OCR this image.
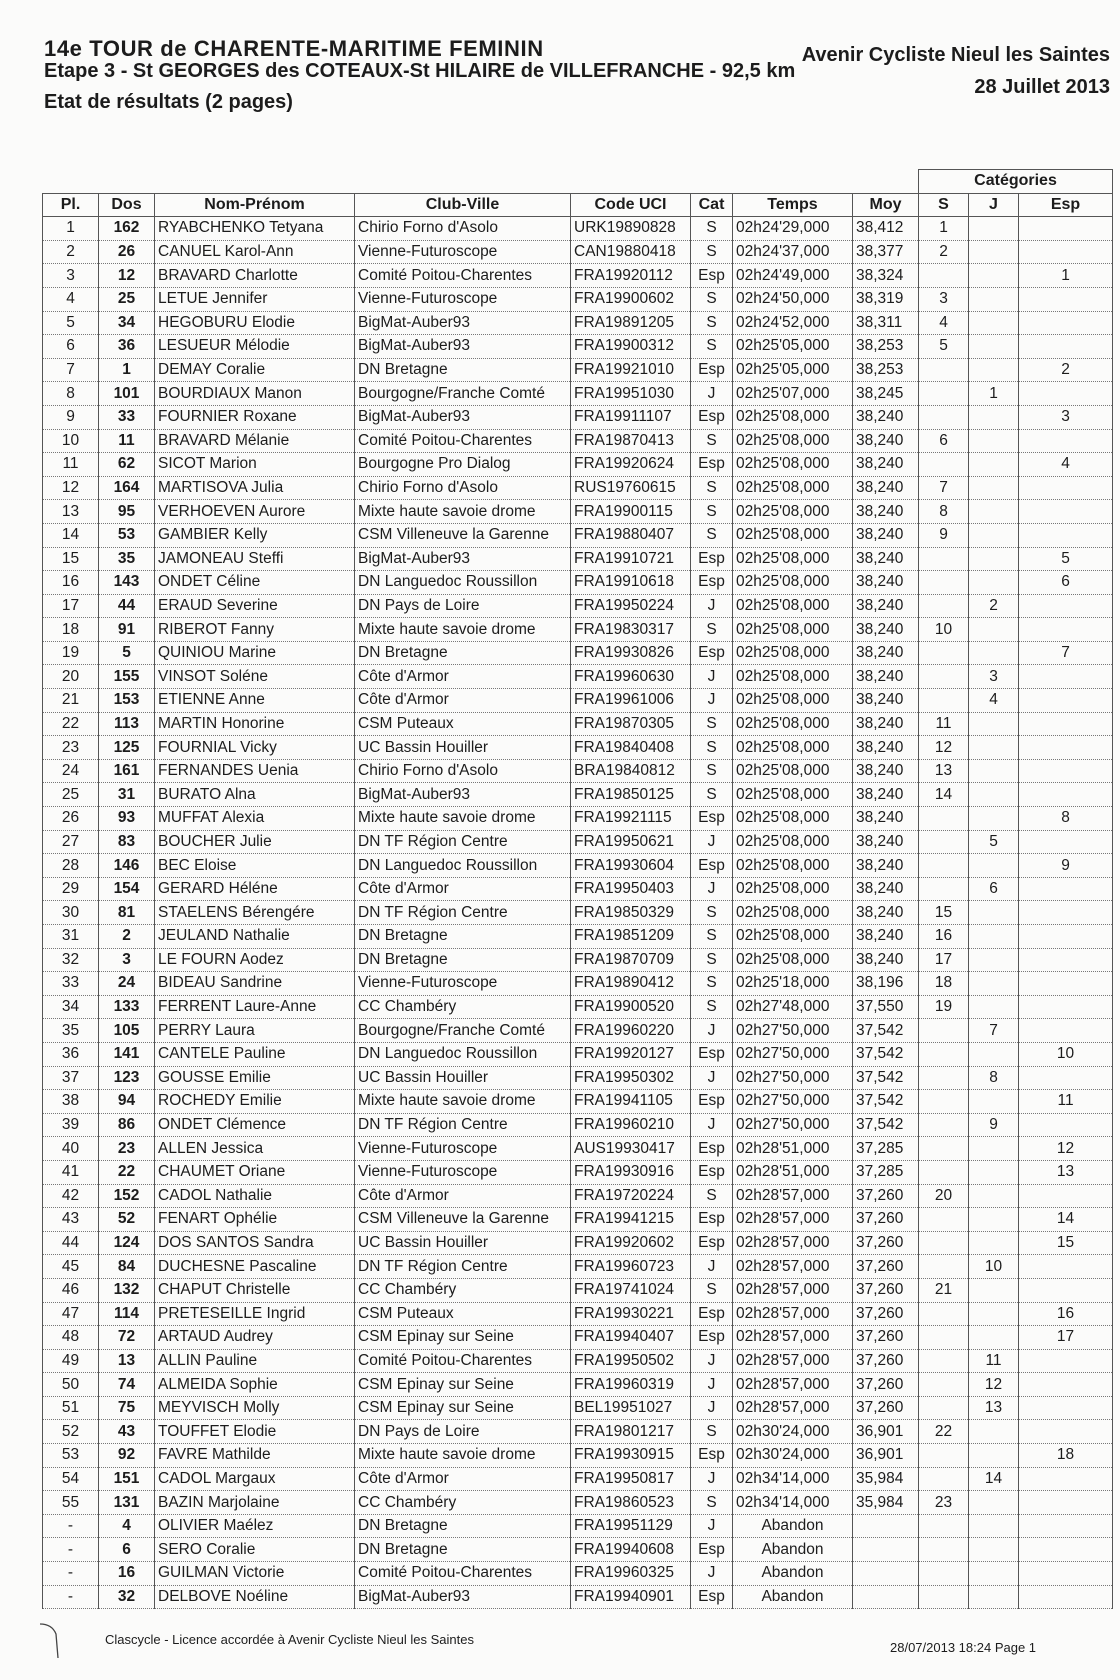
14e TOUR de CHARENTE-MARITIME FEMININ	Avenir Cycliste Nieul les Saintes
Etape 3 - St GEORGES des COTEAUX-St HILAIRE de VILLEFRANCHE - 92,5 km
28 Juillet 2013
Etat de résultats (2 pages)
								Catégories		
Pl.	Dos	Nom-Prénom	Club-Ville	Code UCI	Cat	Temps	Moy	S	J	Esp
1	162	RYABCHENKO Tetyana	Chirio Forno d'Asolo	URK19890828	S	02h24'29,000	38,412	1		
2	26	CANUEL Karol-Ann	Vienne-Futuroscope	CAN19880418	S	02h24'37,000	38,377	2		
3	12	BRAVARD Charlotte	Comité Poitou-Charentes	FRA19920112	Esp	02h24'49,000	38,324			1
4	25	LETUE Jennifer	Vienne-Futuroscope	FRA19900602	S	02h24'50,000	38,319	3		
5	34	HEGOBURU Elodie	BigMat-Auber93	FRA19891205	S	02h24'52,000	38,311	4		
6	36	LESUEUR Mélodie	BigMat-Auber93	FRA19900312	S	02h25'05,000	38,253	5		
7	1	DEMAY Coralie	DN Bretagne	FRA19921010	Esp	02h25'05,000	38,253			2
8	101	BOURDIAUX Manon	Bourgogne/Franche Comté	FRA19951030	J	02h25'07,000	38,245		1	
9	33	FOURNIER Roxane	BigMat-Auber93	FRA19911107	Esp	02h25'08,000	38,240			3
10	11	BRAVARD Mélanie	Comité Poitou-Charentes	FRA19870413	S	02h25'08,000	38,240	6		
11	62	SICOT Marion	Bourgogne Pro Dialog	FRA19920624	Esp	02h25'08,000	38,240			4
12	164	MARTISOVA Julia	Chirio Forno d'Asolo	RUS19760615	S	02h25'08,000	38,240	7		
13	95	VERHOEVEN Aurore	Mixte haute savoie drome	FRA19900115	S	02h25'08,000	38,240	8		
14	53	GAMBIER Kelly	CSM Villeneuve la Garenne	FRA19880407	S	02h25'08,000	38,240	9		
15	35	JAMONEAU Steffi	BigMat-Auber93	FRA19910721	Esp	02h25'08,000	38,240			5
16	143	ONDET Céline	DN Languedoc Roussillon	FRA19910618	Esp	02h25'08,000	38,240			6
17	44	ERAUD Severine	DN Pays de Loire	FRA19950224	J	02h25'08,000	38,240		2	
18	91	RIBEROT Fanny	Mixte haute savoie drome	FRA19830317	S	02h25'08,000	38,240	10		
19	5	QUINIOU Marine	DN Bretagne	FRA19930826	Esp	02h25'08,000	38,240			7
20	155	VINSOT Soléne	Côte d'Armor	FRA19960630	J	02h25'08,000	38,240		3	
21	153	ETIENNE Anne	Côte d'Armor	FRA19961006	J	02h25'08,000	38,240		4	
22	113	MARTIN Honorine	CSM Puteaux	FRA19870305	S	02h25'08,000	38,240	11		
23	125	FOURNIAL Vicky	UC Bassin Houiller	FRA19840408	S	02h25'08,000	38,240	12		
24	161	FERNANDES Uenia	Chirio Forno d'Asolo	BRA19840812	S	02h25'08,000	38,240	13		
25	31	BURATO Alna	BigMat-Auber93	FRA19850125	S	02h25'08,000	38,240	14		
26	93	MUFFAT Alexia	Mixte haute savoie drome	FRA19921115	Esp	02h25'08,000	38,240			8
27	83	BOUCHER Julie	DN TF Région Centre	FRA19950621	J	02h25'08,000	38,240		5	
28	146	BEC Eloise	DN Languedoc Roussillon	FRA19930604	Esp	02h25'08,000	38,240			9
29	154	GERARD Héléne	Côte d'Armor	FRA19950403	J	02h25'08,000	38,240		6	
30	81	STAELENS Bérengére	DN TF Région Centre	FRA19850329	S	02h25'08,000	38,240	15		
31	2	JEULAND Nathalie	DN Bretagne	FRA19851209	S	02h25'08,000	38,240	16		
32	3	LE FOURN Aodez	DN Bretagne	FRA19870709	S	02h25'08,000	38,240	17		
33	24	BIDEAU Sandrine	Vienne-Futuroscope	FRA19890412	S	02h25'18,000	38,196	18		
34	133	FERRENT Laure-Anne	CC Chambéry	FRA19900520	S	02h27'48,000	37,550	19		
35	105	PERRY Laura	Bourgogne/Franche Comté	FRA19960220	J	02h27'50,000	37,542		7	
36	141	CANTELE Pauline	DN Languedoc Roussillon	FRA19920127	Esp	02h27'50,000	37,542			10
37	123	GOUSSE Emilie	UC Bassin Houiller	FRA19950302	J	02h27'50,000	37,542		8	
38	94	ROCHEDY Emilie	Mixte haute savoie drome	FRA19941105	Esp	02h27'50,000	37,542			11
39	86	ONDET Clémence	DN TF Région Centre	FRA19960210	J	02h27'50,000	37,542		9	
40	23	ALLEN Jessica	Vienne-Futuroscope	AUS19930417	Esp	02h28'51,000	37,285			12
41	22	CHAUMET Oriane	Vienne-Futuroscope	FRA19930916	Esp	02h28'51,000	37,285			13
42	152	CADOL Nathalie	Côte d'Armor	FRA19720224	S	02h28'57,000	37,260	20		
43	52	FENART Ophélie	CSM Villeneuve la Garenne	FRA19941215	Esp	02h28'57,000	37,260			14
44	124	DOS SANTOS Sandra	UC Bassin Houiller	FRA19920602	Esp	02h28'57,000	37,260			15
45	84	DUCHESNE Pascaline	DN TF Région Centre	FRA19960723	J	02h28'57,000	37,260		10	
46	132	CHAPUT Christelle	CC Chambéry	FRA19741024	S	02h28'57,000	37,260	21		
47	114	PRETESEILLE Ingrid	CSM Puteaux	FRA19930221	Esp	02h28'57,000	37,260			16
48	72	ARTAUD Audrey	CSM Epinay sur Seine	FRA19940407	Esp	02h28'57,000	37,260			17
49	13	ALLIN Pauline	Comité Poitou-Charentes	FRA19950502	J	02h28'57,000	37,260		11	
50	74	ALMEIDA Sophie	CSM Epinay sur Seine	FRA19960319	J	02h28'57,000	37,260		12	
51	75	MEYVISCH Molly	CSM Epinay sur Seine	BEL19951027	J	02h28'57,000	37,260		13	
52	43	TOUFFET Elodie	DN Pays de Loire	FRA19801217	S	02h30'24,000	36,901	22		
53	92	FAVRE Mathilde	Mixte haute savoie drome	FRA19930915	Esp	02h30'24,000	36,901			18
54	151	CADOL Margaux	Côte d'Armor	FRA19950817	J	02h34'14,000	35,984		14	
55	131	BAZIN Marjolaine	CC Chambéry	FRA19860523	S	02h34'14,000	35,984	23		
-	4	OLIVIER Maélez	DN Bretagne	FRA19951129	J	Abandon				
-	6	SERO Coralie	DN Bretagne	FRA19940608	Esp	Abandon				
-	16	GUILMAN Victorie	Comité Poitou-Charentes	FRA19960325	J	Abandon				
-	32	DELBOVE Noéline	BigMat-Auber93	FRA19940901	Esp	Abandon				
Clascycle - Licence accordée à Avenir Cycliste Nieul les Saintes
28/07/2013 18:24 Page 1
